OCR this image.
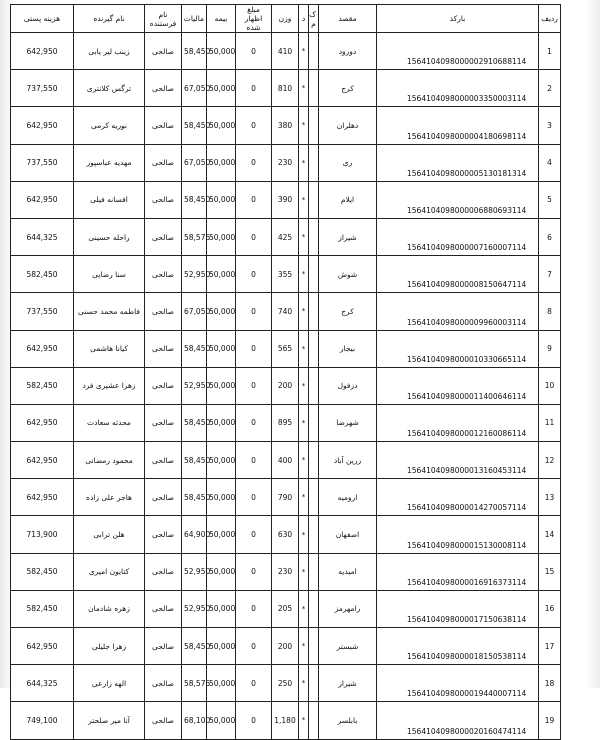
ردیف	بارکد	مقصد	ک م	د	وزن	مبلغ اظهار شده	بیمه	مالیات	نام فرستنده	نام گیرنده	هزینه پستی
1	1564104098000002910688114	دورود		*	410	0	50,000	58,450	صالحی	زینب لیر یابی	642,950
2	1564104098000003350003114	کرج		*	810	0	50,000	67,050	صالحی	ترگس کلانتری	737,550
3	1564104098000004180698114	دهلران		*	380	0	50,000	58,450	صالحی	نوریه کرمی	642,950
4	1564104098000005130181314	ری		*	230	0	50,000	67,050	صالحی	مهدیه عباسپور	737,550
5	1564104098000006880693114	ایلام		*	390	0	50,000	58,450	صالحی	افسانه فیلی	642,950
6	1564104098000007160007114	شیراز		*	425	0	50,000	58,575	صالحی	راحله حسینی	644,325
7	1564104098000008150647114	شوش		*	355	0	50,000	52,950	صالحی	سنا رضایی	582,450
8	1564104098000009960003114	کرج		*	740	0	50,000	67,050	صالحی	فاطمه محمد حسنی	737,550
9	1564104098000010330665114	بیجار		*	565	0	50,000	58,450	صالحی	کیانا هاشمی	642,950
10	1564104098000011400646114	دزفول		*	200	0	50,000	52,950	صالحی	زهرا عشیری فرد	582,450
11	1564104098000012160086114	شهرضا		*	895	0	50,000	58,450	صالحی	محدثه سعادت	642,950
12	1564104098000013160453114	زرین آباد		*	400	0	50,000	58,450	صالحی	محمود رمضانی	642,950
13	1564104098000014270057114	ارومیه		*	790	0	50,000	58,450	صالحی	هاجر علی زاده	642,950
14	1564104098000015130008114	اصفهان		*	630	0	50,000	64,900	صالحی	هلن ترابی	713,900
15	1564104098000016916373114	امیدیه		*	230	0	50,000	52,950	صالحی	کتایون امیری	582,450
16	1564104098000017150638114	رامهرمز		*	205	0	50,000	52,950	صالحی	زهره شادمان	582,450
17	1564104098000018150538114	شبستر		*	200	0	50,000	58,450	صالحی	زهرا جلیلی	642,950
18	1564104098000019440007114	شیراز		*	250	0	50,000	58,575	صالحی	الهه زارعی	644,325
19	1564104098000020160474114	بابلسر		*	1,180	0	50,000	68,100	صالحی	آنا میر صلحتر	749,100
